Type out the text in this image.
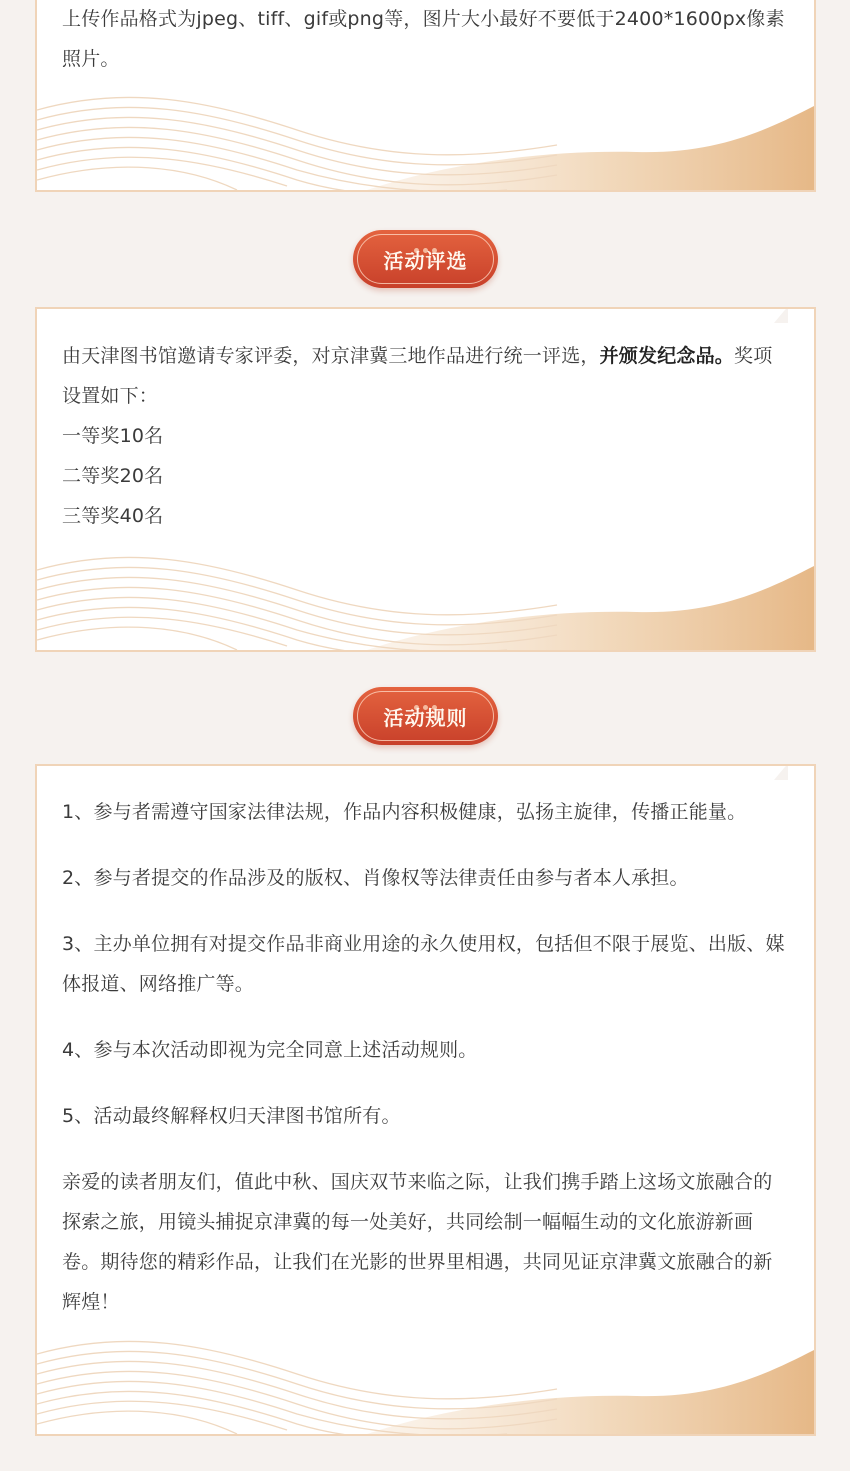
上传作品格式为jpeg、tiff、gif或png等，图片大小最好不要低于2400*1600px像素照片。

活动评选

由天津图书馆邀请专家评委，对京津冀三地作品进行统一评选，并颁发纪念品。奖项设置如下：

一等奖10名

二等奖20名

三等奖40名

活动规则

1、参与者需遵守国家法律法规，作品内容积极健康，弘扬主旋律，传播正能量。

2、参与者提交的作品涉及的版权、肖像权等法律责任由参与者本人承担。

3、主办单位拥有对提交作品非商业用途的永久使用权，包括但不限于展览、出版、媒体报道、网络推广等。

4、参与本次活动即视为完全同意上述活动规则。

5、活动最终解释权归天津图书馆所有。

亲爱的读者朋友们，值此中秋、国庆双节来临之际，让我们携手踏上这场文旅融合的探索之旅，用镜头捕捉京津冀的每一处美好，共同绘制一幅幅生动的文化旅游新画卷。期待您的精彩作品，让我们在光影的世界里相遇，共同见证京津冀文旅融合的新辉煌！
